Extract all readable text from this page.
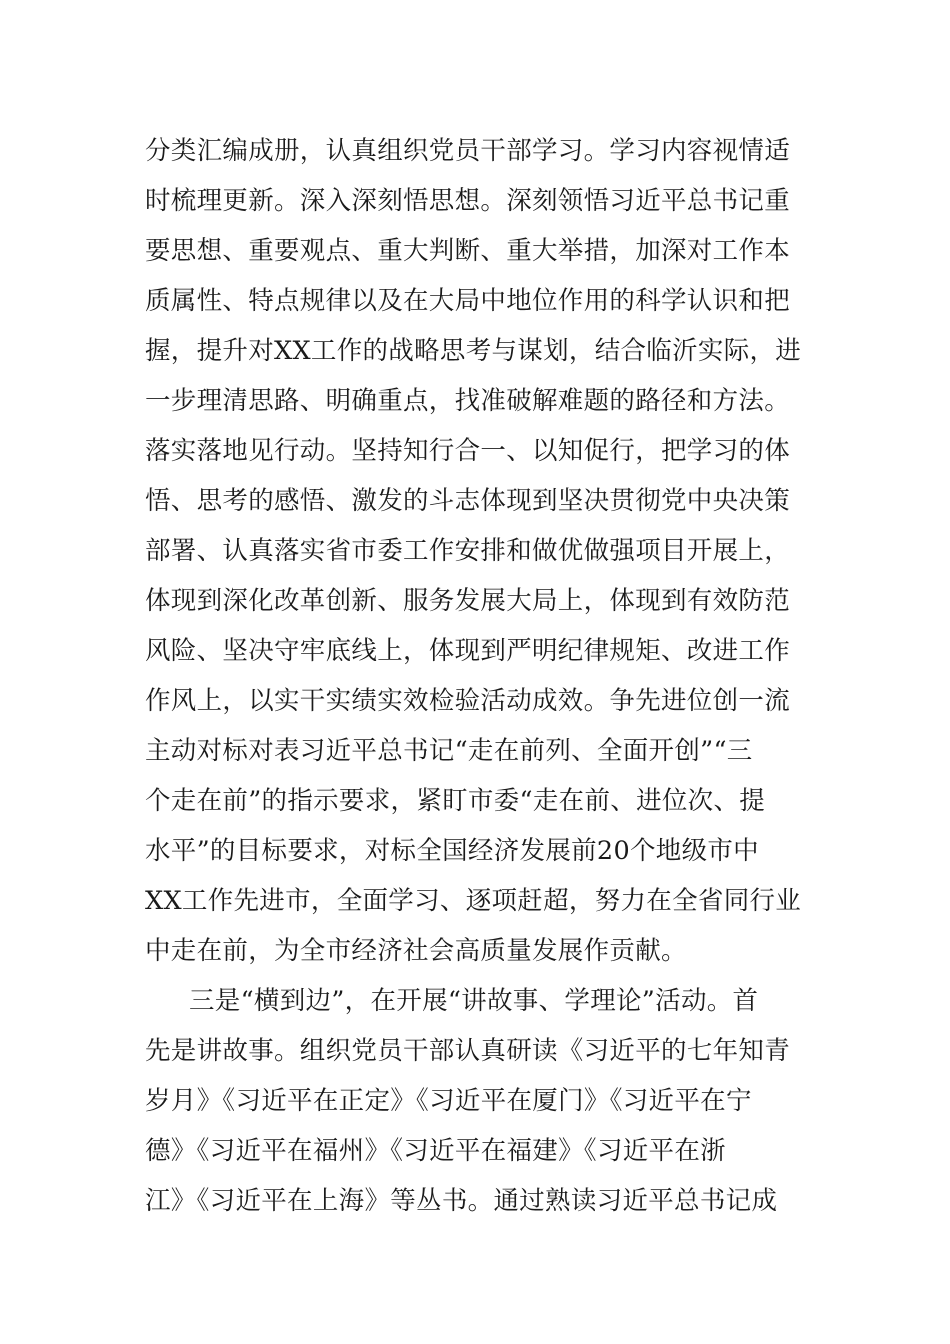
分类汇编成册，认真组织党员干部学习。学习内容视情适
时梳理更新。深入深刻悟思想。深刻领悟习近平总书记重
要思想、重要观点、重大判断、重大举措，加深对工作本
质属性、特点规律以及在大局中地位作用的科学认识和把
握，提升对XX工作的战略思考与谋划，结合临沂实际，进
一步理清思路、明确重点，找准破解难题的路径和方法。
落实落地见行动。坚持知行合一、以知促行，把学习的体
悟、思考的感悟、激发的斗志体现到坚决贯彻党中央决策
部署、认真落实省市委工作安排和做优做强项目开展上，
体现到深化改革创新、服务发展大局上，体现到有效防范
风险、坚决守牢底线上，体现到严明纪律规矩、改进工作
作风上，以实干实绩实效检验活动成效。争先进位创一流
主动对标对表习近平总书记“走在前列、全面开创”“三
个走在前”的指示要求，紧盯市委“走在前、进位次、提
水平”的目标要求，对标全国经济发展前20个地级市中
XX工作先进市，全面学习、逐项赶超，努力在全省同行业
中走在前，为全市经济社会高质量发展作贡献。
三是“横到边”，在开展“讲故事、学理论”活动。首
先是讲故事。组织党员干部认真研读《习近平的七年知青
岁月》《习近平在正定》《习近平在厦门》《习近平在宁
德》《习近平在福州》《习近平在福建》《习近平在浙
江》《习近平在上海》等丛书。通过熟读习近平总书记成
